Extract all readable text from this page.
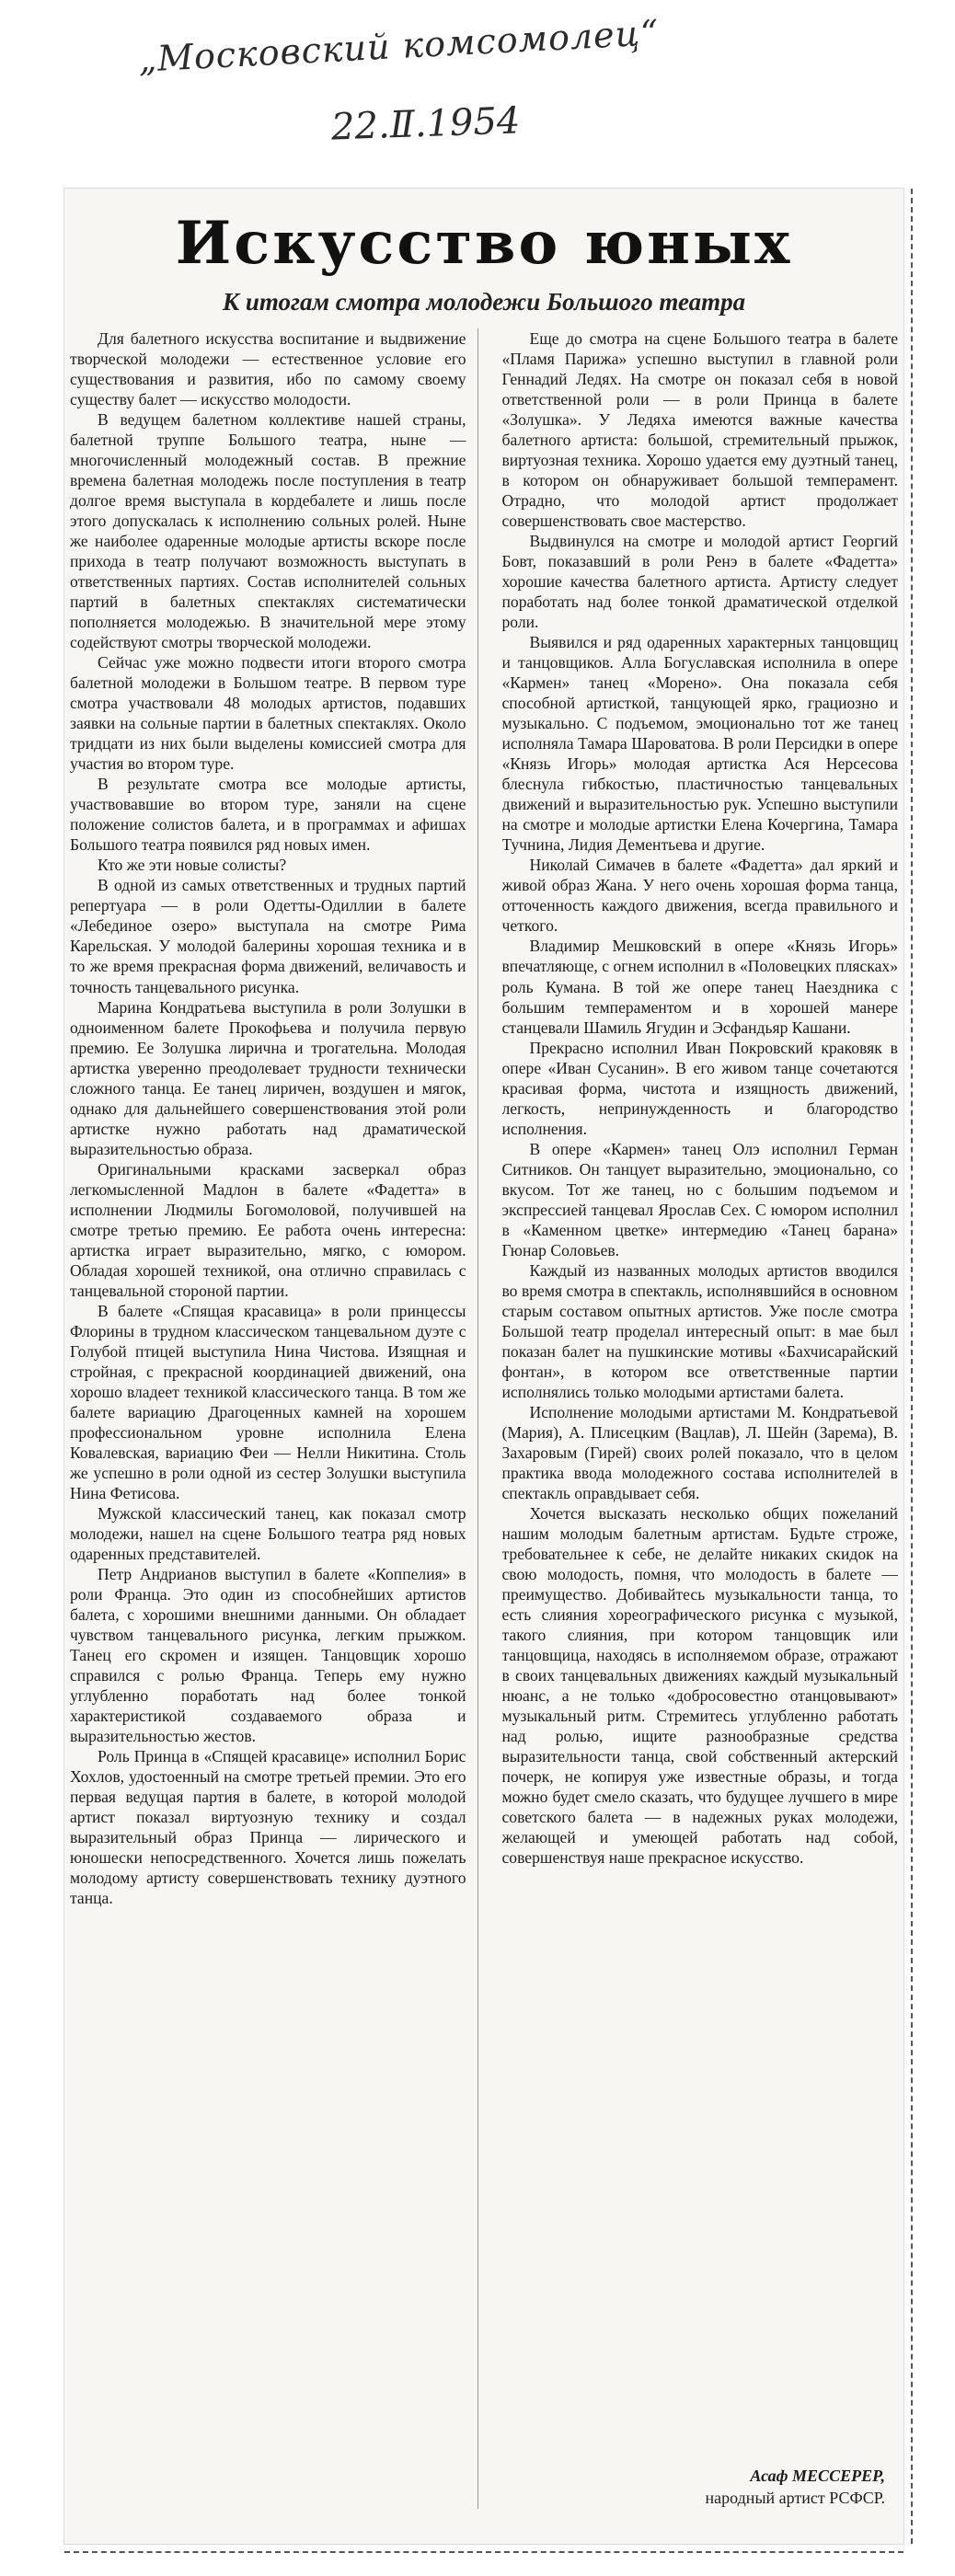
„Московский комсомолец“
22.Ⅱ.1954
Искусство юных
К итогам смотра молодежи Большого театра

Для балетного искусства воспитание и выдвижение творческой молодежи — естественное условие его существования и развития, ибо по самому своему существу балет — искусство молодости.

В ведущем балетном коллективе нашей страны, балетной труппе Большого театра, ныне — многочисленный молодежный состав. В прежние времена балетная молодежь после поступления в театр долгое время выступала в кордебалете и лишь после этого допускалась к исполнению сольных ролей. Ныне же наиболее одаренные молодые артисты вскоре после прихода в театр получают возможность выступать в ответственных партиях. Состав исполнителей сольных партий в балетных спектаклях систематически пополняется молодежью. В значительной мере этому содействуют смотры творческой молодежи.

Сейчас уже можно подвести итоги второго смотра балетной молодежи в Большом театре. В первом туре смотра участвовали 48 молодых артистов, подавших заявки на сольные партии в балетных спектаклях. Около тридцати из них были выделены комиссией смотра для участия во втором туре.

В результате смотра все молодые артисты, участвовавшие во втором туре, заняли на сцене положение солистов балета, и в программах и афишах Большого театра появился ряд новых имен.

Кто же эти новые солисты?

В одной из самых ответственных и трудных партий репертуара — в роли Одетты-Одиллии в балете «Лебединое озеро» выступала на смотре Рима Карельская. У молодой балерины хорошая техника и в то же время прекрасная форма движений, величавость и точность танцевального рисунка.

Марина Кондратьева выступила в роли Золушки в одноименном балете Прокофьева и получила первую премию. Ее Золушка лирична и трогательна. Молодая артистка уверенно преодолевает трудности технически сложного танца. Ее танец лиричен, воздушен и мягок, однако для дальнейшего совершенствования этой роли артистке нужно работать над драматической выразительностью образа.

Оригинальными красками засверкал образ легкомысленной Мадлон в балете «Фадетта» в исполнении Людмилы Богомоловой, получившей на смотре третью премию. Ее работа очень интересна: артистка играет выразительно, мягко, с юмором. Обладая хорошей техникой, она отлично справилась с танцевальной стороной партии.

В балете «Спящая красавица» в роли принцессы Флорины в трудном классическом танцевальном дуэте с Голубой птицей выступила Нина Чистова. Изящная и стройная, с прекрасной координацией движений, она хорошо владеет техникой классического танца. В том же балете вариацию Драгоценных камней на хорошем профессиональном уровне исполнила Елена Ковалевская, вариацию Феи — Нелли Никитина. Столь же успешно в роли одной из сестер Золушки выступила Нина Фетисова.

Мужской классический танец, как показал смотр молодежи, нашел на сцене Большого театра ряд новых одаренных представителей.

Петр Андрианов выступил в балете «Коппелия» в роли Франца. Это один из способнейших артистов балета, с хорошими внешними данными. Он обладает чувством танцевального рисунка, легким прыжком. Танец его скромен и изящен. Танцовщик хорошо справился с ролью Франца. Теперь ему нужно углубленно поработать над более тонкой характеристикой создаваемого образа и выразительностью жестов.

Роль Принца в «Спящей красавице» исполнил Борис Хохлов, удостоенный на смотре третьей премии. Это его первая ведущая партия в балете, в которой молодой артист показал виртуозную технику и создал выразительный образ Принца — лирического и юношески непосредственного. Хочется лишь пожелать молодому артисту совершенствовать технику дуэтного танца.

Еще до смотра на сцене Большого театра в балете «Пламя Парижа» успешно выступил в главной роли Геннадий Ледях. На смотре он показал себя в новой ответственной роли — в роли Принца в балете «Золушка». У Ледяха имеются важные качества балетного артиста: большой, стремительный прыжок, виртуозная техника. Хорошо удается ему дуэтный танец, в котором он обнаруживает большой темперамент. Отрадно, что молодой артист продолжает совершенствовать свое мастерство.

Выдвинулся на смотре и молодой артист Георгий Бовт, показавший в роли Ренэ в балете «Фадетта» хорошие качества балетного артиста. Артисту следует поработать над более тонкой драматической отделкой роли.

Выявился и ряд одаренных характерных танцовщиц и танцовщиков. Алла Богуславская исполнила в опере «Кармен» танец «Морено». Она показала себя способной артисткой, танцующей ярко, грациозно и музыкально. С подъемом, эмоционально тот же танец исполняла Тамара Шароватова. В роли Персидки в опере «Князь Игорь» молодая артистка Ася Нерсесова блеснула гибкостью, пластичностью танцевальных движений и выразительностью рук. Успешно выступили на смотре и молодые артистки Елена Кочергина, Тамара Тучнина, Лидия Дементьева и другие.

Николай Симачев в балете «Фадетта» дал яркий и живой образ Жана. У него очень хорошая форма танца, отточенность каждого движения, всегда правильного и четкого.

Владимир Мешковский в опере «Князь Игорь» впечатляюще, с огнем исполнил в «Половецких плясках» роль Кумана. В той же опере танец Наездника с большим темпераментом и в хорошей манере станцевали Шамиль Ягудин и Эсфандьяр Кашани.

Прекрасно исполнил Иван Покровский краковяк в опере «Иван Сусанин». В его живом танце сочетаются красивая форма, чистота и изящность движений, легкость, непринужденность и благородство исполнения.

В опере «Кармен» танец Олэ исполнил Герман Ситников. Он танцует выразительно, эмоционально, со вкусом. Тот же танец, но с большим подъемом и экспрессией танцевал Ярослав Сех. С юмором исполнил в «Каменном цветке» интермедию «Танец барана» Гюнар Соловьев.

Каждый из названных молодых артистов вводился во время смотра в спектакль, исполнявшийся в основном старым составом опытных артистов. Уже после смотра Большой театр проделал интересный опыт: в мае был показан балет на пушкинские мотивы «Бахчисарайский фонтан», в котором все ответственные партии исполнялись только молодыми артистами балета.

Исполнение молодыми артистами М. Кондратьевой (Мария), А. Плисецким (Вацлав), Л. Шейн (Зарема), В. Захаровым (Гирей) своих ролей показало, что в целом практика ввода молодежного состава исполнителей в спектакль оправдывает себя.

Хочется высказать несколько общих пожеланий нашим молодым балетным артистам. Будьте строже, требовательнее к себе, не делайте никаких скидок на свою молодость, помня, что молодость в балете — преимущество. Добивайтесь музыкальности танца, то есть слияния хореографического рисунка с музыкой, такого слияния, при котором танцовщик или танцовщица, находясь в исполняемом образе, отражают в своих танцевальных движениях каждый музыкальный нюанс, а не только «добросовестно отанцовывают» музыкальный ритм. Стремитесь углубленно работать над ролью, ищите разнообразные средства выразительности танца, свой собственный актерский почерк, не копируя уже известные образы, и тогда можно будет смело сказать, что будущее лучшего в мире советского балета — в надежных руках молодежи, желающей и умеющей работать над собой, совершенствуя наше прекрасное искусство.

Асаф МЕССЕРЕР,
народный артист РСФСР.
